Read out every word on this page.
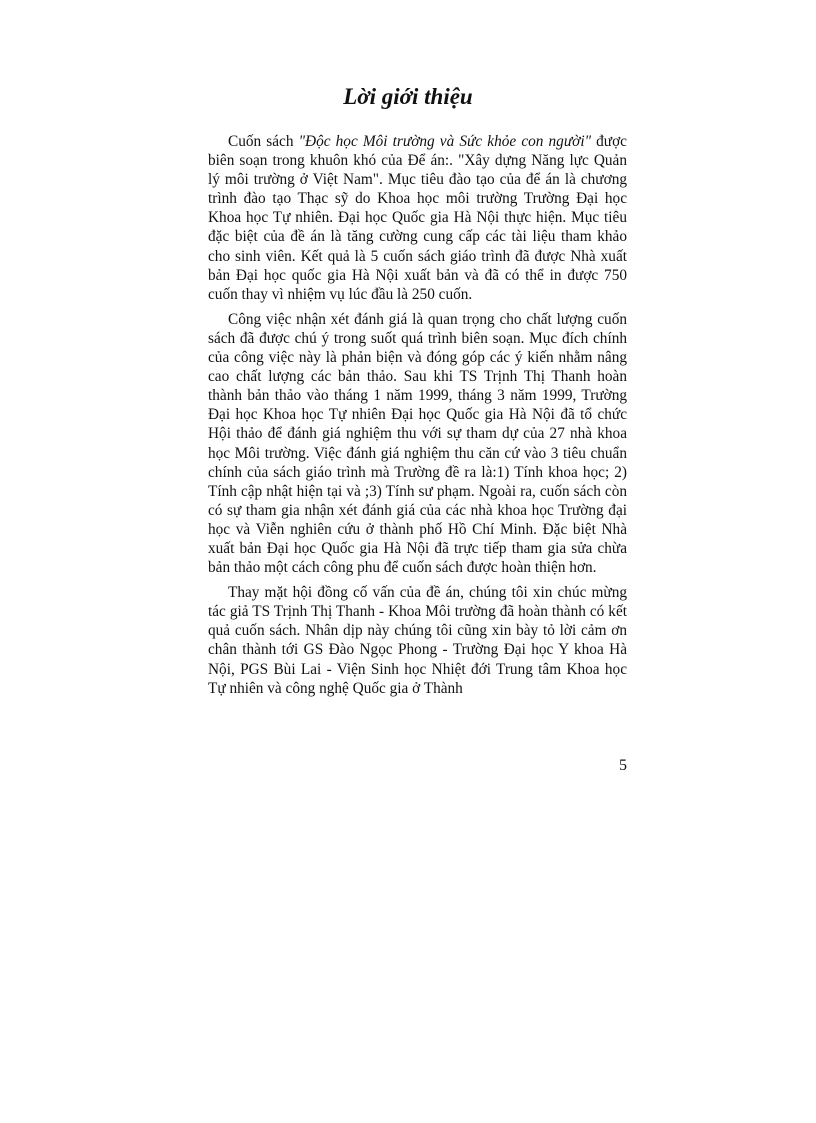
Lời giới thiệu

Cuốn sách "Độc học Môi trường và Sức khỏe con người" được biên soạn trong khuôn khó của Để án:. "Xây dựng Năng lực Quản lý môi trường ở Việt Nam". Mục tiêu đào tạo của để án là chương trình đào tạo Thạc sỹ do Khoa học môi trường Trường Đại học Khoa học Tự nhiên. Đại học Quốc gia Hà Nội thực hiện. Mục tiêu đặc biệt của đề án là tăng cường cung cấp các tài liệu tham khảo cho sinh viên. Kết quả là 5 cuốn sách giáo trình đã được Nhà xuất bản Đại học quốc gia Hà Nội xuất bản và đã có thể in được 750 cuốn thay vì nhiệm vụ lúc đầu là 250 cuốn.

Công việc nhận xét đánh giá là quan trọng cho chất lượng cuốn sách đã được chú ý trong suốt quá trình biên soạn. Mục đích chính của công việc này là phản biện và đóng góp các ý kiến nhằm nâng cao chất lượng các bản thảo. Sau khi TS Trịnh Thị Thanh hoàn thành bản thảo vào tháng 1 năm 1999, tháng 3 năm 1999, Trường Đại học Khoa học Tự nhiên Đại học Quốc gia Hà Nội đã tổ chức Hội thảo để đánh giá nghiệm thu với sự tham dự của 27 nhà khoa học Môi trường. Việc đánh giá nghiệm thu căn cứ vào 3 tiêu chuẩn chính của sách giáo trình mà Trường đề ra là:1) Tính khoa học; 2) Tính cập nhật hiện tại và ;3) Tính sư phạm. Ngoài ra, cuốn sách còn có sự tham gia nhận xét đánh giá của các nhà khoa học Trường đại học và Viễn nghiên cứu ở thành phố Hồ Chí Minh. Đặc biệt Nhà xuất bản Đại học Quốc gia Hà Nội đã trực tiếp tham gia sửa chừa bản thảo một cách công phu để cuốn sách được hoàn thiện hơn.

Thay mặt hội đồng cố vấn của đề án, chúng tôi xin chúc mừng tác giả TS Trịnh Thị Thanh - Khoa Môi trường đã hoàn thành có kết quả cuốn sách. Nhân dịp này chúng tôi cũng xin bày tỏ lời cảm ơn chân thành tới GS Đào Ngọc Phong - Trường Đại học Y khoa Hà Nội, PGS Bùi Lai - Viện Sinh học Nhiệt đới Trung tâm Khoa học Tự nhiên và công nghệ Quốc gia ở Thành

5
